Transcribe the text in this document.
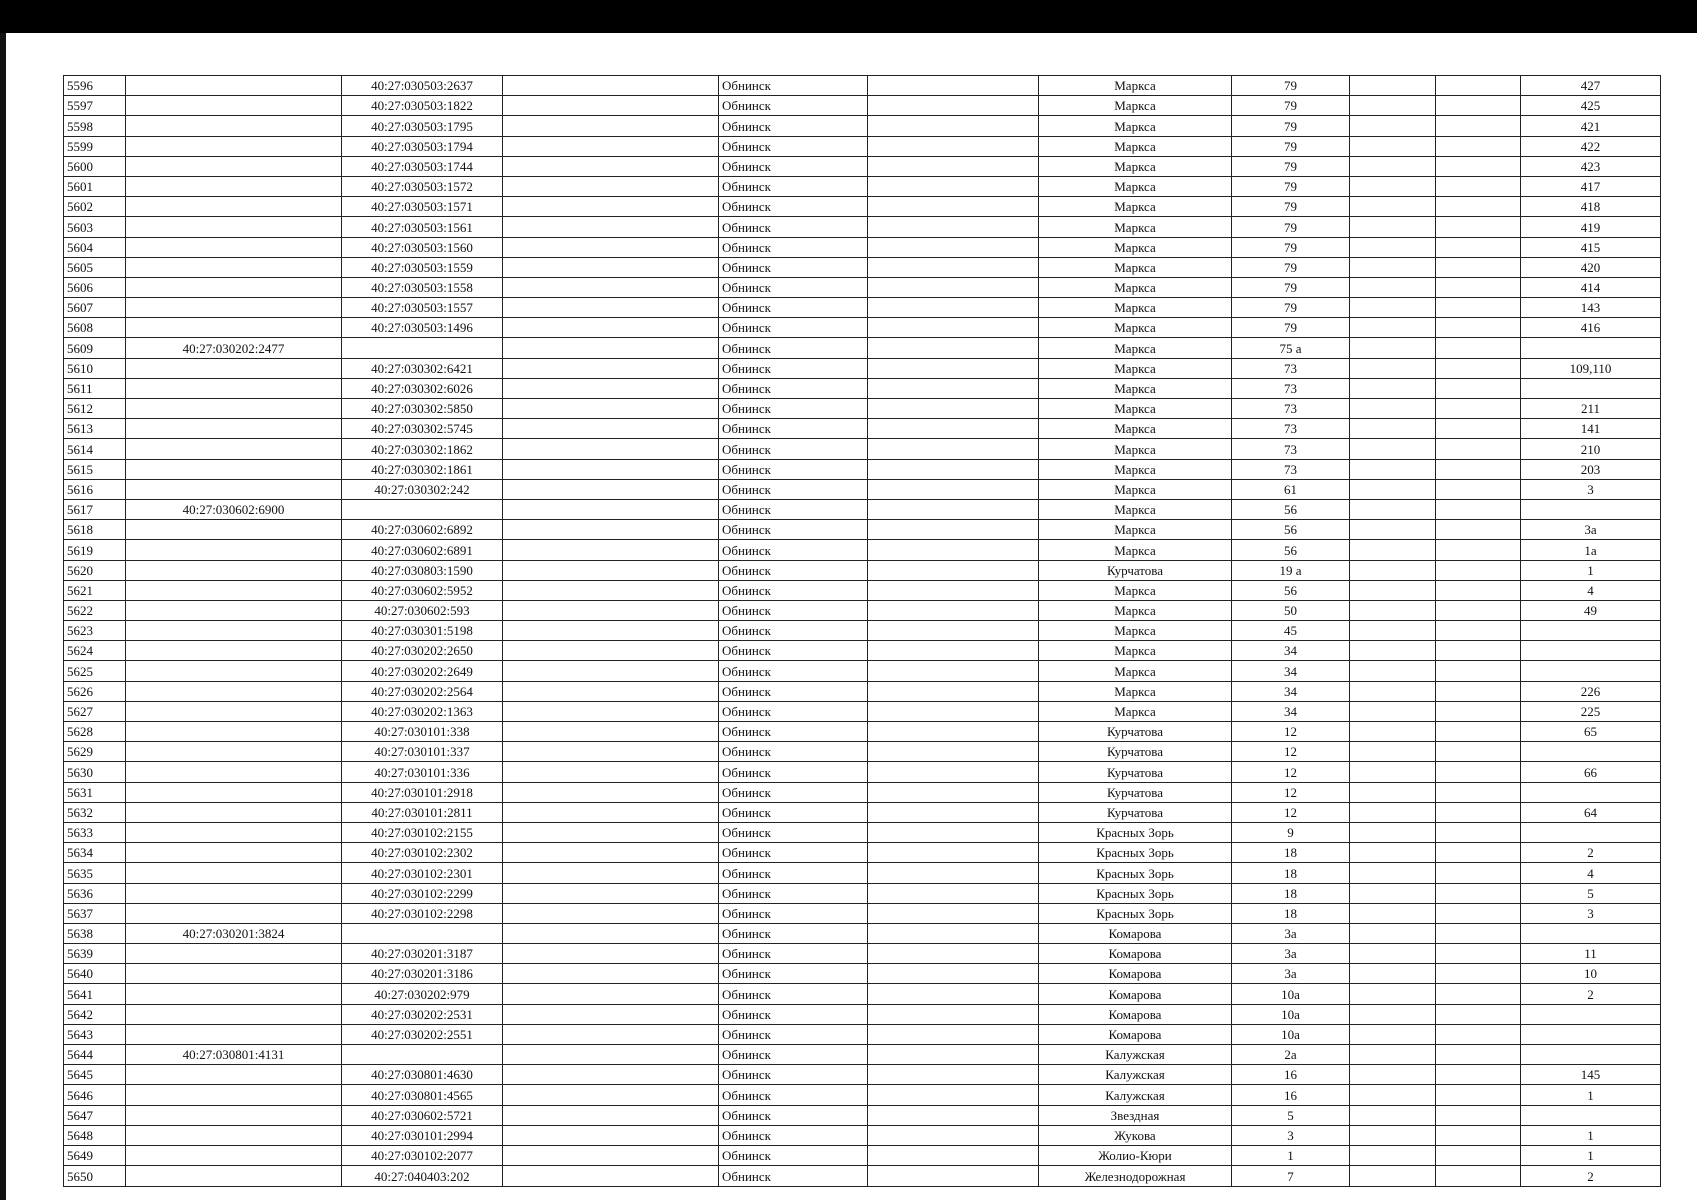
5596		40:27:030503:2637		Обнинск		Маркса	79			427
5597		40:27:030503:1822		Обнинск		Маркса	79			425
5598		40:27:030503:1795		Обнинск		Маркса	79			421
5599		40:27:030503:1794		Обнинск		Маркса	79			422
5600		40:27:030503:1744		Обнинск		Маркса	79			423
5601		40:27:030503:1572		Обнинск		Маркса	79			417
5602		40:27:030503:1571		Обнинск		Маркса	79			418
5603		40:27:030503:1561		Обнинск		Маркса	79			419
5604		40:27:030503:1560		Обнинск		Маркса	79			415
5605		40:27:030503:1559		Обнинск		Маркса	79			420
5606		40:27:030503:1558		Обнинск		Маркса	79			414
5607		40:27:030503:1557		Обнинск		Маркса	79			143
5608		40:27:030503:1496		Обнинск		Маркса	79			416
5609	40:27:030202:2477			Обнинск		Маркса	75 а			
5610		40:27:030302:6421		Обнинск		Маркса	73			109,110
5611		40:27:030302:6026		Обнинск		Маркса	73			
5612		40:27:030302:5850		Обнинск		Маркса	73			211
5613		40:27:030302:5745		Обнинск		Маркса	73			141
5614		40:27:030302:1862		Обнинск		Маркса	73			210
5615		40:27:030302:1861		Обнинск		Маркса	73			203
5616		40:27:030302:242		Обнинск		Маркса	61			3
5617	40:27:030602:6900			Обнинск		Маркса	56			
5618		40:27:030602:6892		Обнинск		Маркса	56			3а
5619		40:27:030602:6891		Обнинск		Маркса	56			1а
5620		40:27:030803:1590		Обнинск		Курчатова	19 а			1
5621		40:27:030602:5952		Обнинск		Маркса	56			4
5622		40:27:030602:593		Обнинск		Маркса	50			49
5623		40:27:030301:5198		Обнинск		Маркса	45			
5624		40:27:030202:2650		Обнинск		Маркса	34			
5625		40:27:030202:2649		Обнинск		Маркса	34			
5626		40:27:030202:2564		Обнинск		Маркса	34			226
5627		40:27:030202:1363		Обнинск		Маркса	34			225
5628		40:27:030101:338		Обнинск		Курчатова	12			65
5629		40:27:030101:337		Обнинск		Курчатова	12			
5630		40:27:030101:336		Обнинск		Курчатова	12			66
5631		40:27:030101:2918		Обнинск		Курчатова	12			
5632		40:27:030101:2811		Обнинск		Курчатова	12			64
5633		40:27:030102:2155		Обнинск		Красных Зорь	9			
5634		40:27:030102:2302		Обнинск		Красных Зорь	18			2
5635		40:27:030102:2301		Обнинск		Красных Зорь	18			4
5636		40:27:030102:2299		Обнинск		Красных Зорь	18			5
5637		40:27:030102:2298		Обнинск		Красных Зорь	18			3
5638	40:27:030201:3824			Обнинск		Комарова	3а			
5639		40:27:030201:3187		Обнинск		Комарова	3а			11
5640		40:27:030201:3186		Обнинск		Комарова	3а			10
5641		40:27:030202:979		Обнинск		Комарова	10а			2
5642		40:27:030202:2531		Обнинск		Комарова	10а			
5643		40:27:030202:2551		Обнинск		Комарова	10а			
5644	40:27:030801:4131			Обнинск		Калужская	2а			
5645		40:27:030801:4630		Обнинск		Калужская	16			145
5646		40:27:030801:4565		Обнинск		Калужская	16			1
5647		40:27:030602:5721		Обнинск		Звездная	5			
5648		40:27:030101:2994		Обнинск		Жукова	3			1
5649		40:27:030102:2077		Обнинск		Жолио-Кюри	1			1
5650		40:27:040403:202		Обнинск		Железнодорожная	7			2
